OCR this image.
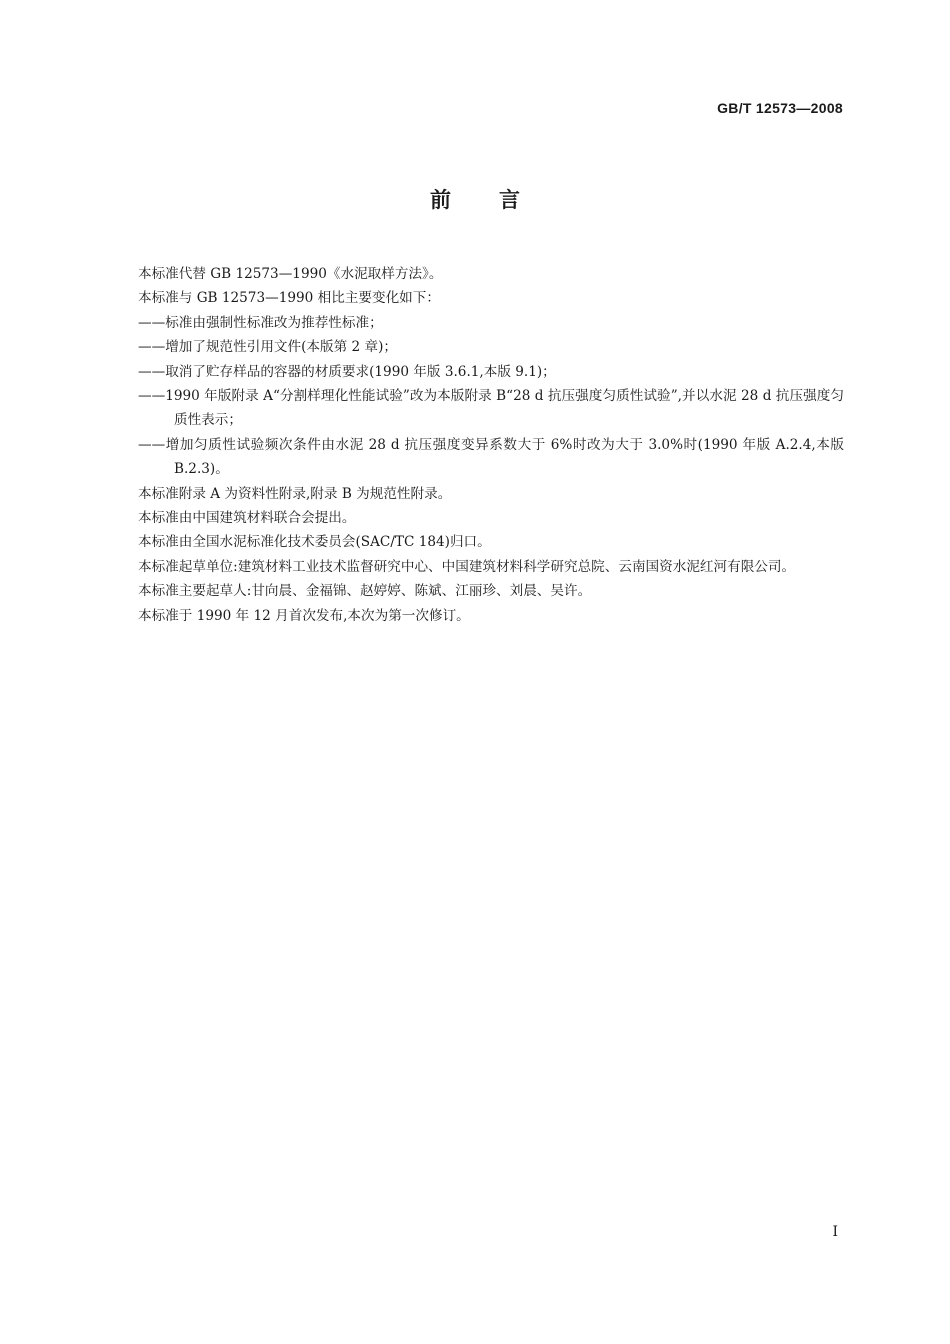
GB/T 12573—2008
前言

本标准代替 GB 12573—1990《水泥取样方法》。

本标准与 GB 12573—1990 相比主要变化如下：

——标准由强制性标准改为推荐性标准；

——增加了规范性引用文件(本版第 2 章)；

——取消了贮存样品的容器的材质要求(1990 年版 3.6.1,本版 9.1)；

——1990 年版附录 A“分割样理化性能试验”改为本版附录 B“28 d 抗压强度匀质性试验”,并以水泥 28 d 抗压强度匀质性表示；

——增加匀质性试验频次条件由水泥 28 d 抗压强度变异系数大于 6%时改为大于 3.0%时(1990 年版 A.2.4,本版 B.2.3)。

本标准附录 A 为资料性附录,附录 B 为规范性附录。

本标准由中国建筑材料联合会提出。

本标准由全国水泥标准化技术委员会(SAC/TC 184)归口。

本标准起草单位:建筑材料工业技术监督研究中心、中国建筑材料科学研究总院、云南国资水泥红河有限公司。

本标准主要起草人:甘向晨、金福锦、赵婷婷、陈斌、江丽珍、刘晨、吴许。

本标准于 1990 年 12 月首次发布,本次为第一次修订。

I
